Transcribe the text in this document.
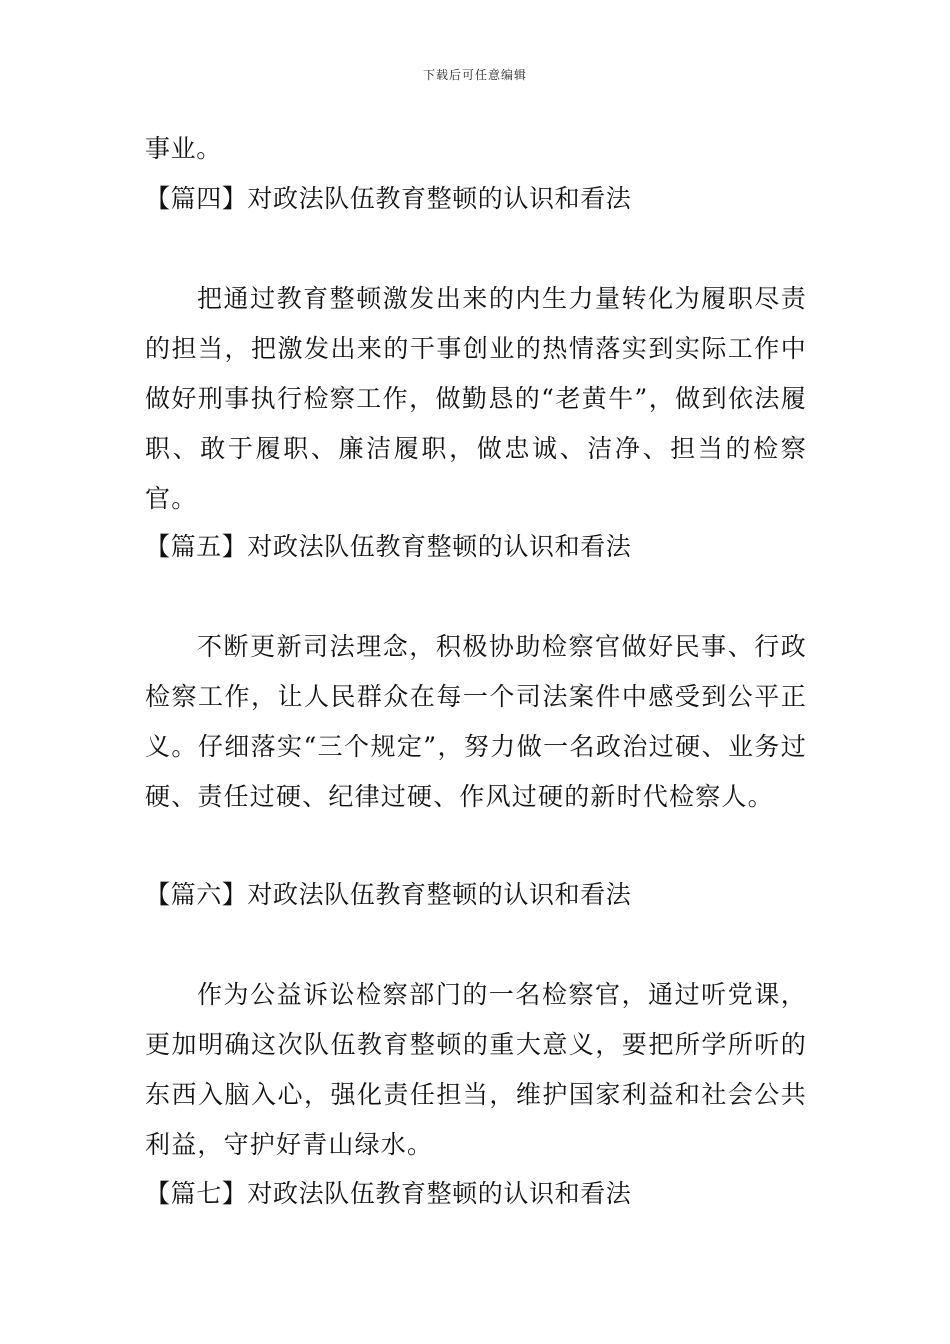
下载后可任意编辑
事业。
【篇四】对政法队伍教育整顿的认识和看法
把通过教育整顿激发出来的内生力量转化为履职尽责的担当，把激发出来的干事创业的热情落实到实际工作中做好刑事执行检察工作，做勤恳的“老黄牛”，做到依法履职、敢于履职、廉洁履职，做忠诚、洁净、担当的检察官。
【篇五】对政法队伍教育整顿的认识和看法
不断更新司法理念，积极协助检察官做好民事、行政检察工作，让人民群众在每一个司法案件中感受到公平正义。仔细落实“三个规定”，努力做一名政治过硬、业务过硬、责任过硬、纪律过硬、作风过硬的新时代检察人。
【篇六】对政法队伍教育整顿的认识和看法
作为公益诉讼检察部门的一名检察官，通过听党课，更加明确这次队伍教育整顿的重大意义，要把所学所听的东西入脑入心，强化责任担当，维护国家利益和社会公共利益，守护好青山绿水。
【篇七】对政法队伍教育整顿的认识和看法
